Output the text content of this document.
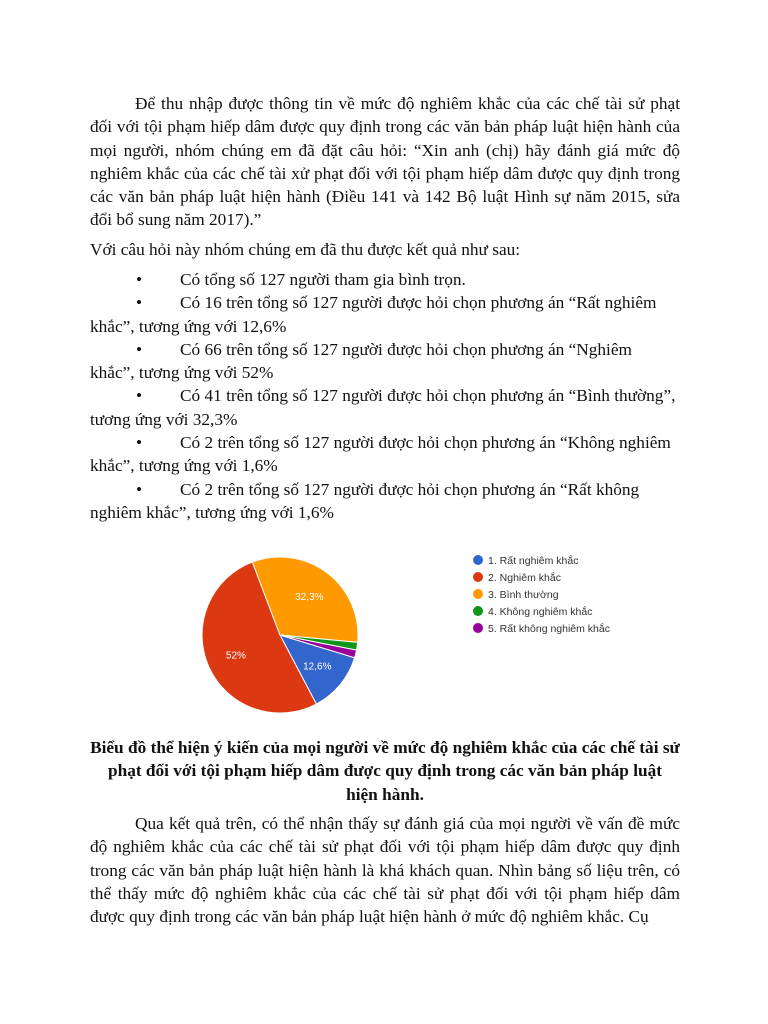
Để thu nhập được thông tin về mức độ nghiêm khắc của các chế tài sử phạt đối với tội phạm hiếp dâm được quy định trong các văn bản pháp luật hiện hành của mọi người, nhóm chúng em đã đặt câu hỏi: “Xin anh (chị) hãy đánh giá mức độ nghiêm khắc của các chế tài xử phạt đối với tội phạm hiếp dâm được quy định trong các văn bản pháp luật hiện hành (Điều 141 và 142 Bộ luật Hình sự năm 2015, sửa đổi bổ sung năm 2017).”

Với câu hỏi này nhóm chúng em đã thu được kết quả như sau:

•	Có tổng số 127 người tham gia bình trọn.
•	Có 16 trên tổng số 127 người được hỏi chọn phương án “Rất nghiêm khắc”, tương ứng với 12,6%
•	Có 66 trên tổng số 127 người được hỏi chọn phương án “Nghiêm khắc”, tương ứng với 52%
•	Có 41 trên tổng số 127 người được hỏi chọn phương án “Bình thường”, tương ứng với 32,3%
•	Có 2 trên tổng số 127 người được hỏi chọn phương án “Không nghiêm khắc”, tương ứng với 1,6%
•	Có 2 trên tổng số 127 người được hỏi chọn phương án “Rất không nghiêm khắc”, tương ứng với 1,6%
12,6%
52%
32,3%
1. Rất nghiêm khắc
2. Nghiêm khắc
3. Bình thường
4. Không nghiêm khắc
5. Rất không nghiêm khắc

Biểu đồ thể hiện ý kiến của mọi người về mức độ nghiêm khắc của các chế tài sử phạt đối với tội phạm hiếp dâm được quy định trong các văn bản pháp luật hiện hành.

Qua kết quả trên, có thể nhận thấy sự đánh giá của mọi người về vấn đề mức độ nghiêm khắc của các chế tài sử phạt đối với tội phạm hiếp dâm được quy định trong các văn bản pháp luật hiện hành là khá khách quan. Nhìn bảng số liệu trên, có thể thấy mức độ nghiêm khắc của các chế tài sử phạt đối với tội phạm hiếp dâm được quy định trong các văn bản pháp luật hiện hành ở mức độ nghiêm khắc. Cụ
